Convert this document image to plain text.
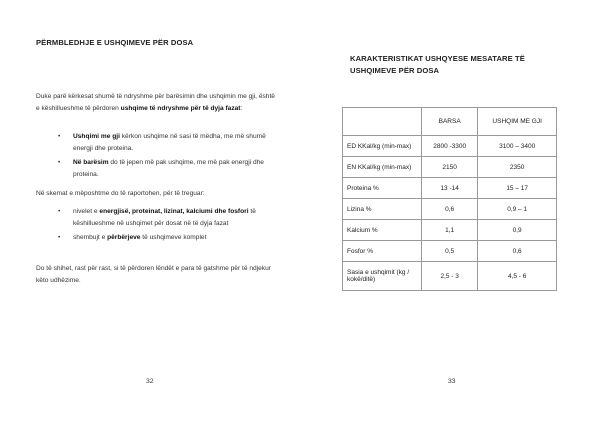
PËRMBLEDHJE E USHQIMEVE PËR DOSA
Duke parë kërkesat shumë të ndryshme për barësimin dhe ushqimin me gji, është e këshillueshme të përdoren ushqime të ndryshme për të dyja fazat:
• Ushqimi me gji kërkon ushqime në sasi të mëdha, me më shumë energji dhe proteina.
• Në barësim do të jepen më pak ushqime, me më pak energji dhe proteina.
Në skemat e mëposhtme do të raportohen, për të treguar:
• nivelet e energjisë, proteinat, lizinat, kalciumi dhe fosfori të këshillueshme në ushqimet për dosat në të dyja fazat
• shembujt e përbërjeve të ushqimeve komplet
Do të shihet, rast për rast, si të përdoren lëndët e para të gatshme për të ndjekur këto udhëzime.
32
KARAKTERISTIKAT USHQYESE MESATARE TË USHQIMEVE PËR DOSA
	BARSA	USHQIM ME GJI
ED KKal/kg (min-max)	2800 -3300	3100 – 3400
EN KKal/kg (min-max)	2150	2350
Proteina %	13 -14	15 – 17
Lizina %	0,6	0,9 – 1
Kalcium %	1,1	0,9
Fosfor %	0,5	0,6
Sasia e ushqimit (kg / kokë/ditë)	2,5 - 3	4,5 - 6
33
